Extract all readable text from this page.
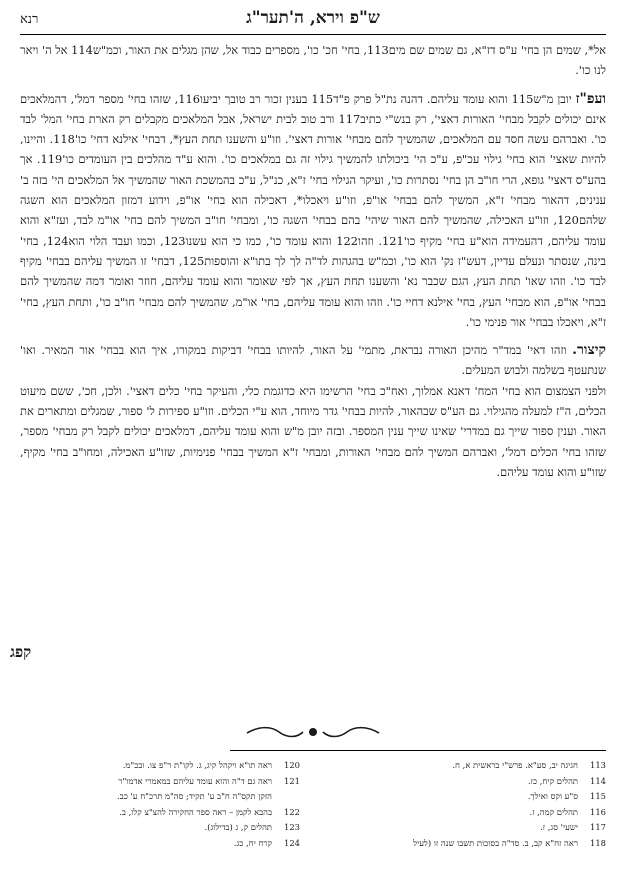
ש"פ וירא, ה'תער"ג
רנא

אל*, שמים הן בחי' ע"ס דז"א, גם שמים שם מים113, בחי' חכ' כו', מספרים כבוד אל, שהן מגלים את האור, וכמ"ש114 אל ה' ויאר לנו כו'.

ועפ"ז יובן מ"ש115 והוא עומד עליהם. דהנה נת"ל פרק פ"ד115 בענין זכור רב טובך יביעו116, שזהו בחי' מספר דמל', דהמלאכים אינם יכולים לקבל מבחי' האורות דאצי', רק בנש"י כתיב117 ורב טוב לבית ישראל, אבל המלאכים מקבלים רק הארת בחי' המל' לבד כו'. ואברהם עשה חסד עם המלאכים, שהמשיך להם מבחי' אורות דאצי'. וזו"ע והשענו תחת העץ*, דבחי' אילנא דחי' כו'118. והיינו, להיות שאצי' הוא בחי' גילוי עכ"פ, ע"כ הי' ביכולתו להמשיך גילוי זה גם במלאכים כו'. והוא ע"ד מהלכים בין העומדים כו'119. אך בהע"ס דאצי' גופא, הרי חו"ב הן בחי' נסתרות כו', ועיקר הגילוי בחי' ז"א, כנ"ל, ע"כ בהמשכת האור שהמשיך אל המלאכים הי' בזה ב' ענינים, דהאור מבחי' ז"א, המשיך להם בבחי' או"פ, וזו"ע ויאכלו*, דאכילה הוא בחי' או"פ, וידוע דמזון המלאכים הוא השגה שלהם120, וזו"ע האכילה, שהמשיך להם האור שיהי' בהם בבחי' השגה כו', ומבחי' חו"ב המשיך להם בחי' או"מ לבד, ועז"א והוא עומד עליהם, דהעמידה הוא"ע בחי' מקיף כו'121. וזהו122 והוא עומד כו', כמו כי הוא עשנו123, וכמו ועבד הלוי הוא124, בחי' בינה, שנסתר ונעלם עדיין, דעש"ז נק' הוא כו', וכמ"ש בהגהות לד"ה לך לך בתו"א והוספות125, דבחי' זו המשיך עליהם בבחי' מקיף לבד כו'. וזהו שאו' תחת העץ, הגם שכבר נא' והשענו תחת העץ, אך לפי שאומר והוא עומד עליהם, חוזר ואומר דמה שהמשיך להם בבחי' או"פ, הוא מבחי' העץ, בחי' אילנא דחיי כו'. וזהו והוא עומד עליהם, בחי' או"מ, שהמשיך להם מבחי' חו"ב כו', ותחת העץ, בחי' ז"א, ויאכלו בבחי' אור פנימי כו'.

קיצור. וזהו דאי' במד"ר מהיכן האורה נבראת, מתמי' על האור, להיותו בבחי' דביקות במקורו, איך הוא בבחי' אור המאיר. ואו' שנתעטף בשלמה ולבוש המעלים.

ולפני הצמצום הוא בחי' המח' דאנא אמלוך, ואח"כ בחי' הרשימו היא כדוגמת כלי, והעיקר בחי' כלים דאצי'. ולכן, חכ', ששם מיעוט הכלים, ה"ז למעלה מהגילוי. גם הע"ס שבהאור, להיות בבחי' גדר מיוחד, הוא ע"י הכלים. וזו"ע ספירות ל' ספור, שמגלים ומתארים את האור. וענין ספור שייך גם במדרי' שאינו שייך ענין המספר. ובזה יובן מ"ש והוא עומד עליהם, דמלאכים יכולים לקבל רק מבחי' מספר, שזהו בחי' הכלים דמל', ואברהם המשיך להם מבחי' האורות, ומבחי' ז"א המשיך בבחי' פנימיות, שזו"ע האכילה, ומחו"ב בחי' מקיף, שזו"ע והוא עומד עליהם.

קפג
113
חגיגה יב, סע"א. פרש"י בראשית א, ח.
114
תהלים קיח, כז.
115
ס"ע וקס ואילך.
116
תהלים קמה, ז.
117
ישעי' סג, ז.
118
ראה זח"א קב, ב. סד"ה בסוכות תשבו שנה זו (לעיל
120
ראה תו"א ויקהל קיג, ג. לקו"ת ר"פ צו. ובכ"מ.
121
ראה גם ד"ה והוא עומד עליהם במאמרי אדמו"ר
הזקן תקס"ה ח"ב ע' תקיד; סה"מ תרכ"ח ע' כב.
122
בהבא לקמן – ראה ספר החקירה להצ"צ קלו, ב.
123
תהלים ק, ג (בדילוג).
124
קרח יח, כג.
